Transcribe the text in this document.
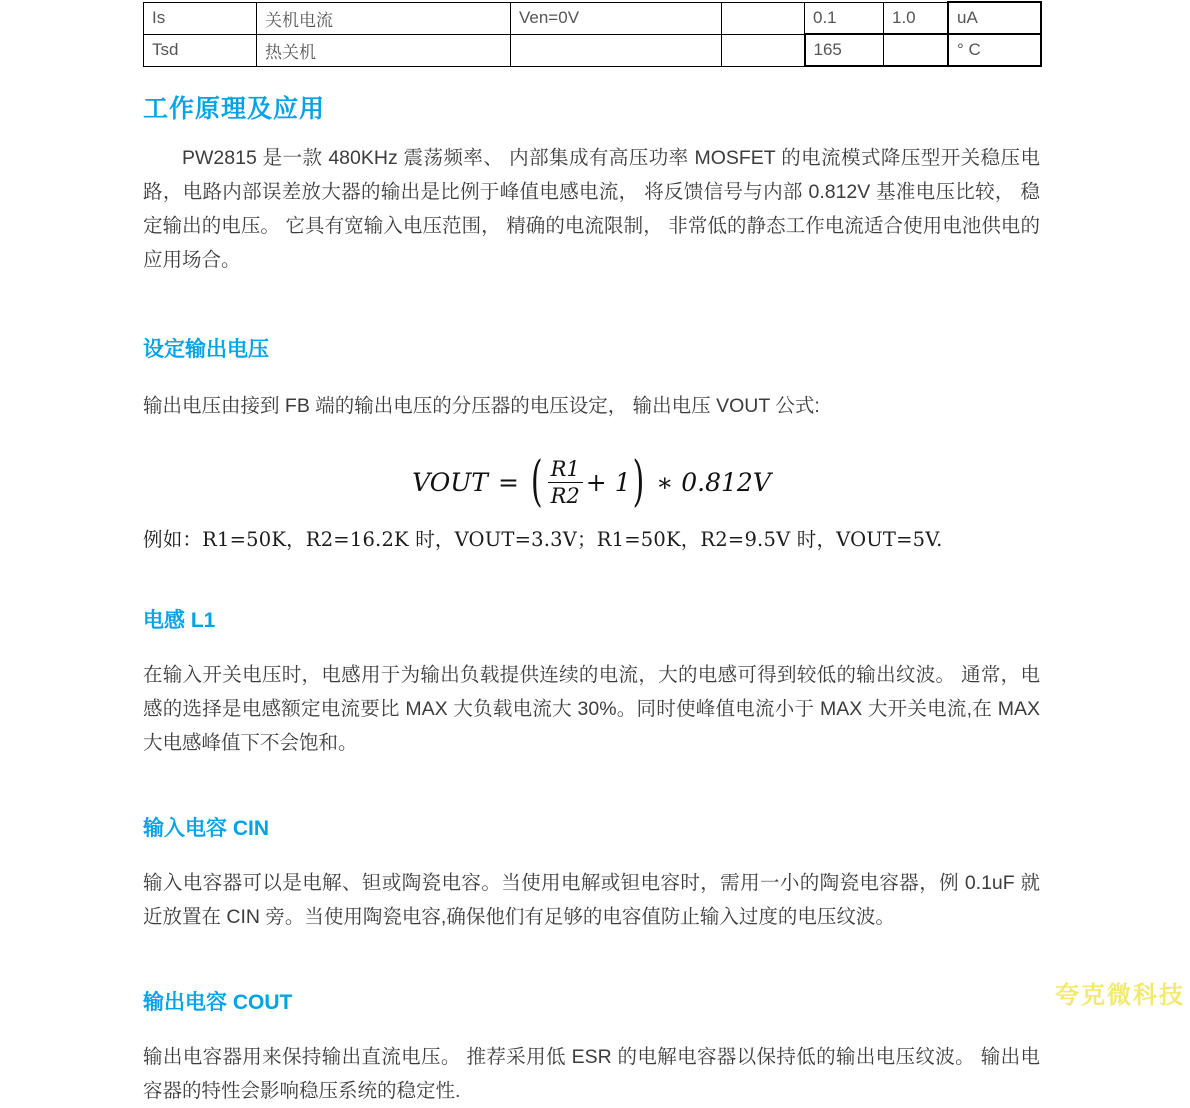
Is	关机电流	Ven=0V		0.1	1.0	uA
Tsd	热关机			165		° C
工作原理及应用

PW2815 是一款 480KHz 震荡频率、 内部集成有高压功率 MOSFET 的电流模式降压型开关稳压电路，电路内部误差放大器的输出是比例于峰值电感电流， 将反馈信号与内部 0.812V 基准电压比较， 稳定输出的电压。 它具有宽输入电压范围， 精确的电流限制， 非常低的静态工作电流适合使用电池供电的应用场合。

设定输出电压

输出电压由接到 FB 端的输出电压的分压器的电压设定， 输出电压 VOUT 公式:

VOUT = ( $\frac{R1}{R2} + 1$ ) ∗ 0.812V

例如：R1=50K，R2=16.2K 时，VOUT=3.3V；R1=50K，R2=9.5V 时，VOUT=5V.

电感 L1

在输入开关电压时，电感用于为输出负载提供连续的电流，大的电感可得到较低的输出纹波。 通常，电感的选择是电感额定电流要比 MAX 大负载电流大 30%。同时使峰值电流小于 MAX 大开关电流,在 MAX 大电感峰值下不会饱和。

输入电容 CIN

输入电容器可以是电解、钽或陶瓷电容。当使用电解或钽电容时，需用一小的陶瓷电容器，例 0.1uF 就近放置在 CIN 旁。当使用陶瓷电容,确保他们有足够的电容值防止输入过度的电压纹波。

输出电容 COUT

输出电容器用来保持输出直流电压。 推荐采用低 ESR 的电解电容器以保持低的输出电压纹波。 输出电容器的特性会影响稳压系统的稳定性.

夸克微科技
